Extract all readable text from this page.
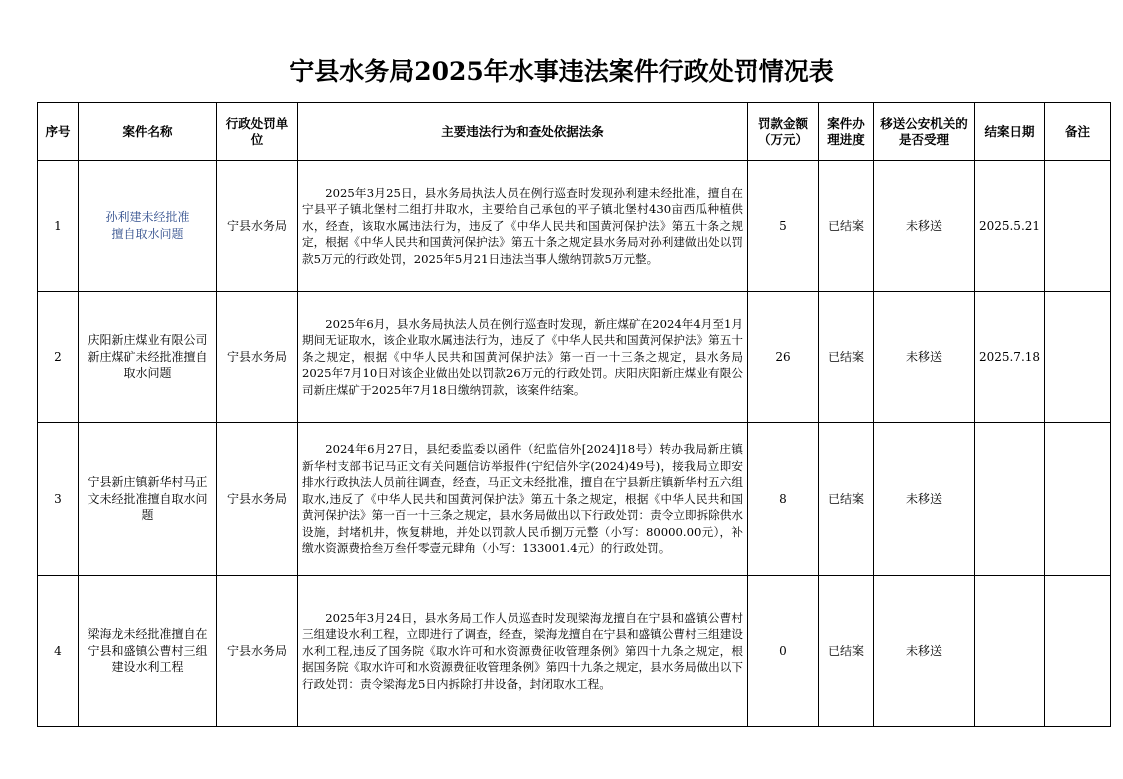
宁县水务局2025年水事违法案件行政处罚情况表
序号	案件名称	行政处罚单　位	主要违法行为和查处依据法条	罚款金额（万元）	案件办理进度	移送公安机关的是否受理	结案日期	备注
1	孙利建未经批准擅自取水问题	宁县水务局	2025年3月25日，县水务局执法人员在例行巡查时发现孙利建未经批准，擅自在宁县平子镇北堡村二组打井取水，主要给自己承包的平子镇北堡村430亩西瓜种植供水，经查，该取水属违法行为，违反了《中华人民共和国黄河保护法》第五十条之规定，根据《中华人民共和国黄河保护法》第五十条之规定县水务局对孙利建做出处以罚款5万元的行政处罚，2025年5月21日违法当事人缴纳罚款5万元整。	5	已结案	未移送	2025.5.21	
2	庆阳新庄煤业有限公司新庄煤矿未经批准擅自取水问题	宁县水务局	2025年6月，县水务局执法人员在例行巡查时发现，新庄煤矿在2024年4月至1月期间无证取水，该企业取水属违法行为，违反了《中华人民共和国黄河保护法》第五十条之规定，根据《中华人民共和国黄河保护法》第一百一十三条之规定，县水务局2025年7月10日对该企业做出处以罚款26万元的行政处罚。庆阳庆阳新庄煤业有限公司新庄煤矿于2025年7月18日缴纳罚款，该案件结案。	26	已结案	未移送	2025.7.18	
3	宁县新庄镇新华村马正文未经批准擅自取水问题	宁县水务局	2024年6月27日，县纪委监委以函件（纪监信外[2024]18号）转办我局新庄镇新华村支部书记马正文有关问题信访举报件(宁纪信外字(2024)49号)，接我局立即安排水行政执法人员前往调查，经查，马正文未经批准，擅自在宁县新庄镇新华村五六组取水,违反了《中华人民共和国黄河保护法》第五十条之规定，根据《中华人民共和国黄河保护法》第一百一十三条之规定，县水务局做出以下行政处罚：责令立即拆除供水设施，封堵机井，恢复耕地，并处以罚款人民币捌万元整（小写：80000.00元），补缴水资源费拾叁万叁仟零壹元肆角（小写：133001.4元）的行政处罚。	8	已结案	未移送		
4	梁海龙未经批准擅自在宁县和盛镇公曹村三组建设水利工程	宁县水务局	2025年3月24日，县水务局工作人员巡查时发现梁海龙擅自在宁县和盛镇公曹村三组建设水利工程，立即进行了调查，经查，梁海龙擅自在宁县和盛镇公曹村三组建设水利工程,违反了国务院《取水许可和水资源费征收管理条例》第四十九条之规定，根据国务院《取水许可和水资源费征收管理条例》第四十九条之规定，县水务局做出以下行政处罚：责令梁海龙5日内拆除打井设备，封闭取水工程。	0	已结案	未移送		
